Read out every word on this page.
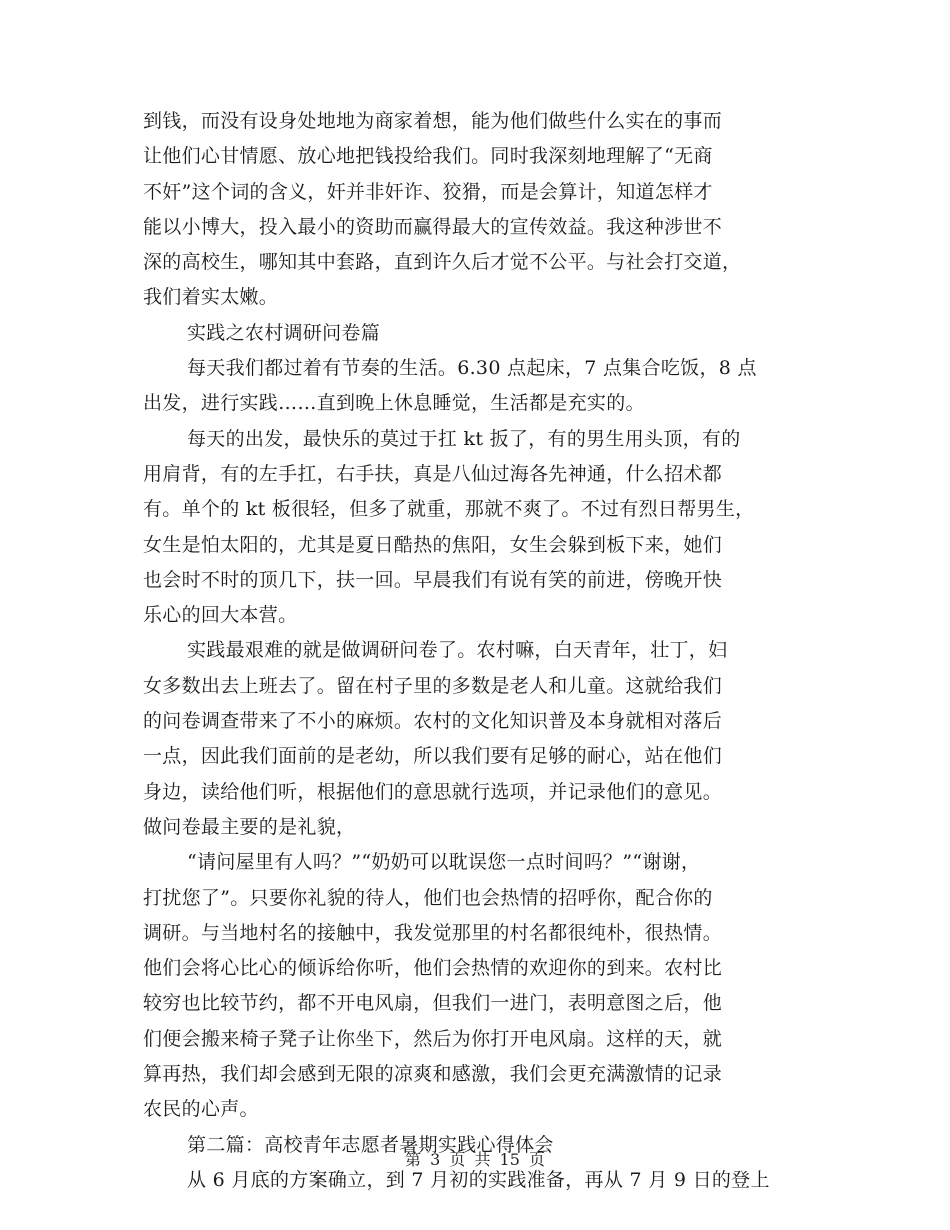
到钱，而没有设身处地地为商家着想，能为他们做些什么实在的事而
让他们心甘情愿、放心地把钱投给我们。同时我深刻地理解了“无商
不奸”这个词的含义，奸并非奸诈、狡猾，而是会算计，知道怎样才
能以小博大，投入最小的资助而赢得最大的宣传效益。我这种涉世不
深的高校生，哪知其中套路，直到许久后才觉不公平。与社会打交道，
我们着实太嫩。
实践之农村调研问卷篇
每天我们都过着有节奏的生活。6.30 点起床，7 点集合吃饭，8 点
出发，进行实践……直到晚上休息睡觉，生活都是充实的。
每天的出发，最快乐的莫过于扛 kt 扳了，有的男生用头顶，有的
用肩背，有的左手扛，右手扶，真是八仙过海各先神通，什么招术都
有。单个的 kt 板很轻，但多了就重，那就不爽了。不过有烈日帮男生，
女生是怕太阳的，尤其是夏日酷热的焦阳，女生会躲到板下来，她们
也会时不时的顶几下，扶一回。早晨我们有说有笑的前进，傍晚开快
乐心的回大本营。
实践最艰难的就是做调研问卷了。农村嘛，白天青年，壮丁，妇
女多数出去上班去了。留在村子里的多数是老人和儿童。这就给我们
的问卷调查带来了不小的麻烦。农村的文化知识普及本身就相对落后
一点，因此我们面前的是老幼，所以我们要有足够的耐心，站在他们
身边，读给他们听，根据他们的意思就行选项，并记录他们的意见。
做问卷最主要的是礼貌，
“请问屋里有人吗？”“奶奶可以耽误您一点时间吗？”“谢谢，
打扰您了”。只要你礼貌的待人，他们也会热情的招呼你，配合你的
调研。与当地村名的接触中，我发觉那里的村名都很纯朴，很热情。
他们会将心比心的倾诉给你听，他们会热情的欢迎你的到来。农村比
较穷也比较节约，都不开电风扇，但我们一进门，表明意图之后，他
们便会搬来椅子凳子让你坐下，然后为你打开电风扇。这样的天，就
算再热，我们却会感到无限的凉爽和感激，我们会更充满激情的记录
农民的心声。
第二篇：高校青年志愿者暑期实践心得体会
从 6 月底的方案确立，到 7 月初的实践准备，再从 7 月 9 日的登上
第 3 页 共 15 页
